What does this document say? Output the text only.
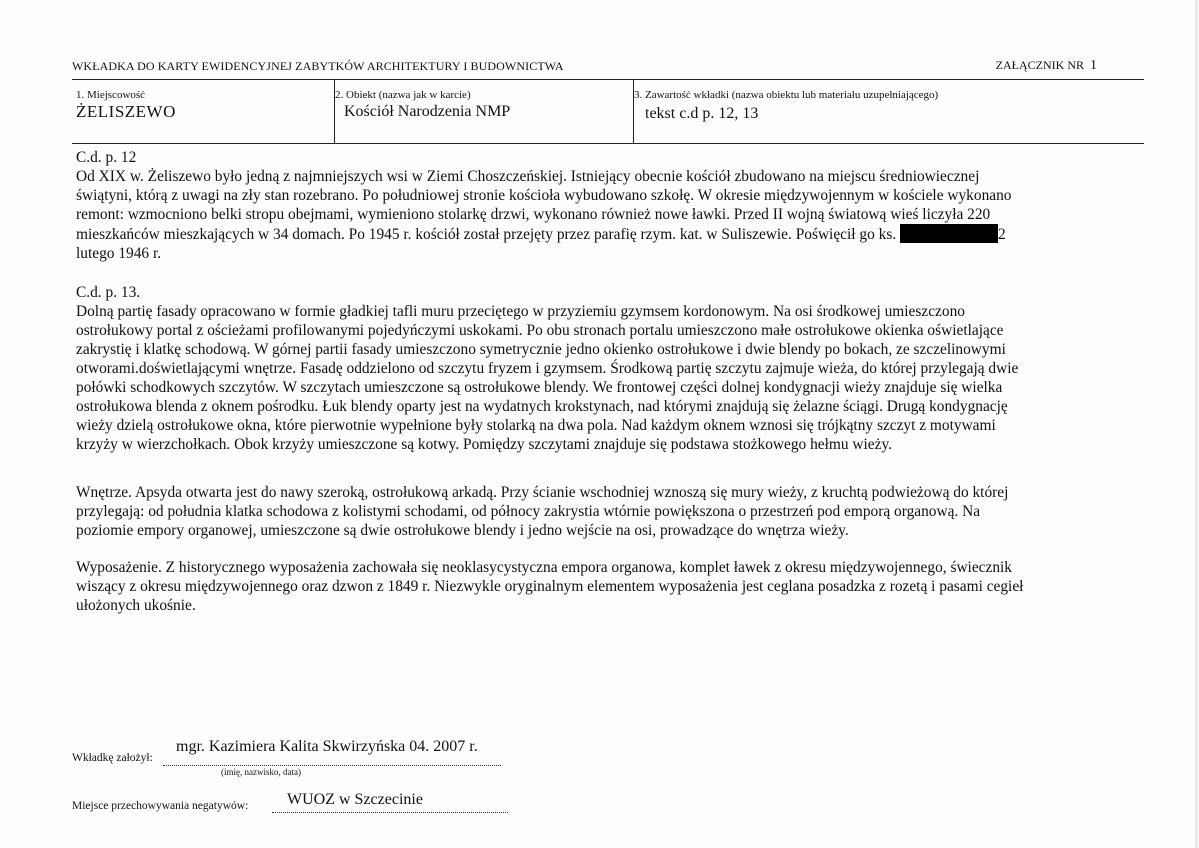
WKŁADKA DO KARTY EWIDENCYJNEJ ZABYTKÓW ARCHITEKTURY I BUDOWNICTWA	ZAŁĄCZNIK NR 1
1. Miejscowość
ŻELISZEWO
2. Obiekt (nazwa jak w karcie)
Kościół Narodzenia NMP
3. Zawartość wkładki (nazwa obiektu lub materiału uzupełniającego)
tekst c.d p. 12, 13

C.d. p. 12

Od XIX w. Żeliszewo było jedną z najmniejszych wsi w Ziemi Choszczeńskiej. Istniejący obecnie kościół zbudowano na miejscu średniowiecznej

świątyni, którą z uwagi na zły stan rozebrano. Po południowej stronie kościoła wybudowano szkołę. W okresie międzywojennym w kościele wykonano

remont: wzmocniono belki stropu obejmami, wymieniono stolarkę drzwi, wykonano również nowe ławki. Przed II wojną światową wieś liczyła 220

mieszkańców mieszkających w 34 domach. Po 1945 r. kościół został przejęty przez parafię rzym. kat. w Suliszewie. Poświęcił go ks.	2

lutego 1946 r.

C.d. p. 13.

Dolną partię fasady opracowano w formie gładkiej tafli muru przeciętego w przyziemiu gzymsem kordonowym. Na osi środkowej umieszczono

ostrołukowy portal z ościeżami profilowanymi pojedyńczymi uskokami. Po obu stronach portalu umieszczono małe ostrołukowe okienka oświetlające

zakrystię i klatkę schodową. W górnej partii fasady umieszczono symetrycznie jedno okienko ostrołukowe i dwie blendy po bokach, ze szczelinowymi

otworami.doświetlającymi wnętrze. Fasadę oddzielono od szczytu fryzem i gzymsem. Środkową partię szczytu zajmuje wieża, do której przylegają dwie

połówki schodkowych szczytów. W szczytach umieszczone są ostrołukowe blendy. We frontowej części dolnej kondygnacji wieży znajduje się wielka

ostrołukowa blenda z oknem pośrodku. Łuk blendy oparty jest na wydatnych krokstynach, nad którymi znajdują się żelazne ściągi. Drugą kondygnację

wieży dzielą ostrołukowe okna, które pierwotnie wypełnione były stolarką na dwa pola. Nad każdym oknem wznosi się trójkątny szczyt z motywami

krzyży w wierzchołkach. Obok krzyży umieszczone są kotwy. Pomiędzy szczytami znajduje się podstawa stożkowego hełmu wieży.

Wnętrze. Apsyda otwarta jest do nawy szeroką, ostrołukową arkadą. Przy ścianie wschodniej wznoszą się mury wieży, z kruchtą podwieżową do której

przylegają: od południa klatka schodowa z kolistymi schodami, od północy zakrystia wtórnie powiększona o przestrzeń pod emporą organową. Na

poziomie empory organowej, umieszczone są dwie ostrołukowe blendy i jedno wejście na osi, prowadzące do wnętrza wieży.

Wyposażenie. Z historycznego wyposażenia zachowała się neoklasycystyczna empora organowa, komplet ławek z okresu międzywojennego, świecznik

wiszący z okresu międzywojennego oraz dzwon z 1849 r. Niezwykle oryginalnym elementem wyposażenia jest ceglana posadzka z rozetą i pasami cegieł

ułożonych ukośnie.

Wkładkę założył:
mgr. Kazimiera Kalita Skwirzyńska 04. 2007 r.
(imię, nazwisko, data)
Miejsce przechowywania negatywów: WUOZ w Szczecinie
